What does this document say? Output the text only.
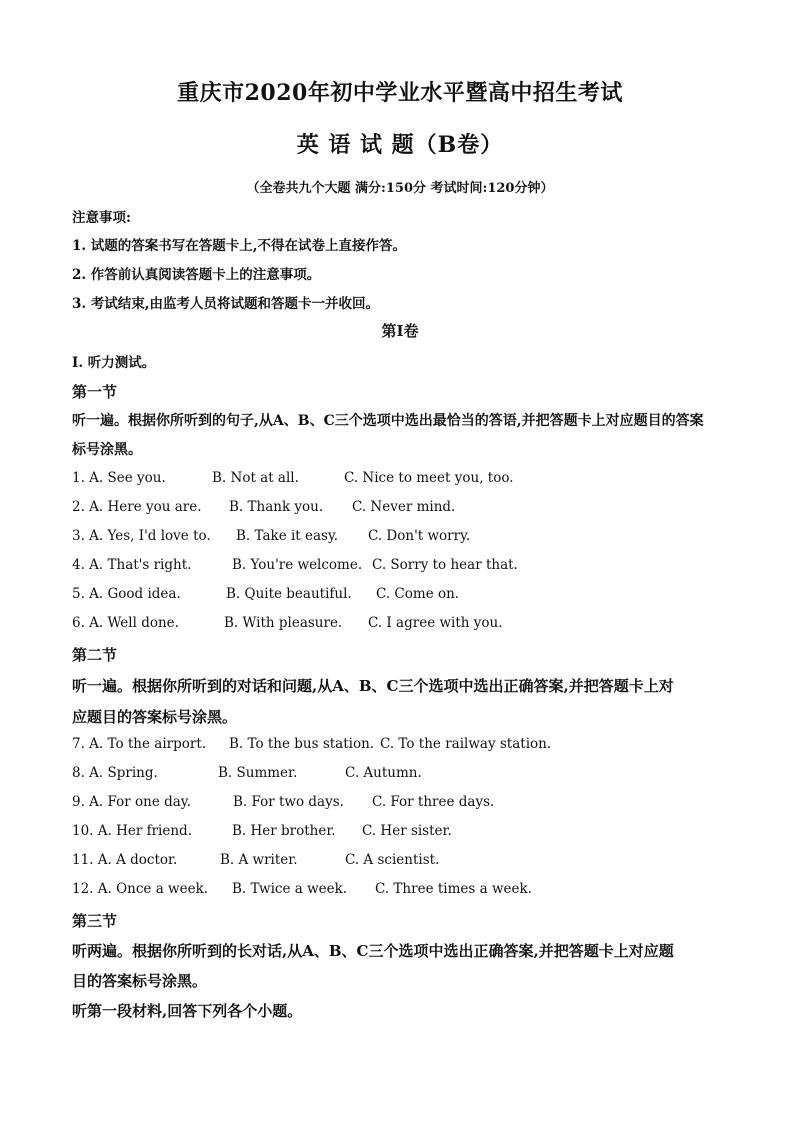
重庆市2020年初中学业水平暨高中招生考试
英 语 试 题（B卷）
（全卷共九个大题 满分:150分 考试时间:120分钟）
注意事项:
1. 试题的答案书写在答题卡上,不得在试卷上直接作答。
2. 作答前认真阅读答题卡上的注意事项。
3. 考试结束,由监考人员将试题和答题卡一并收回。
第Ⅰ卷
I. 听力测试。
第一节
听一遍。根据你所听到的句子,从A、B、C三个选项中选出最恰当的答语,并把答题卡上对应题目的答案
标号涂黑。
1. A. See you.	B. Not at all.	C. Nice to meet you, too.
2. A. Here you are. B. Thank you. C. Never mind.
3. A. Yes, I'd love to. B. Take it easy. C. Don't worry.
4. A. That's right.	B. You're welcome. C. Sorry to hear that.
5. A. Good idea.	B. Quite beautiful. C. Come on.
6. A. Well done.	B. With pleasure. C. I agree with you.
第二节
听一遍。根据你所听到的对话和问题,从A、B、C三个选项中选出正确答案,并把答题卡上对
应题目的答案标号涂黑。
7. A. To the airport. B. To the bus station. C. To the railway station.
8. A. Spring.	B. Summer.	C. Autumn.
9. A. For one day.	B. For two days. C. For three days.
10. A. Her friend.	B. Her brother. C. Her sister.
11. A. A doctor.	B. A writer.	C. A scientist.
12. A. Once a week. B. Twice a week. C. Three times a week.
第三节
听两遍。根据你所听到的长对话,从A、B、C三个选项中选出正确答案,并把答题卡上对应题
目的答案标号涂黑。
听第一段材料,回答下列各个小题。
